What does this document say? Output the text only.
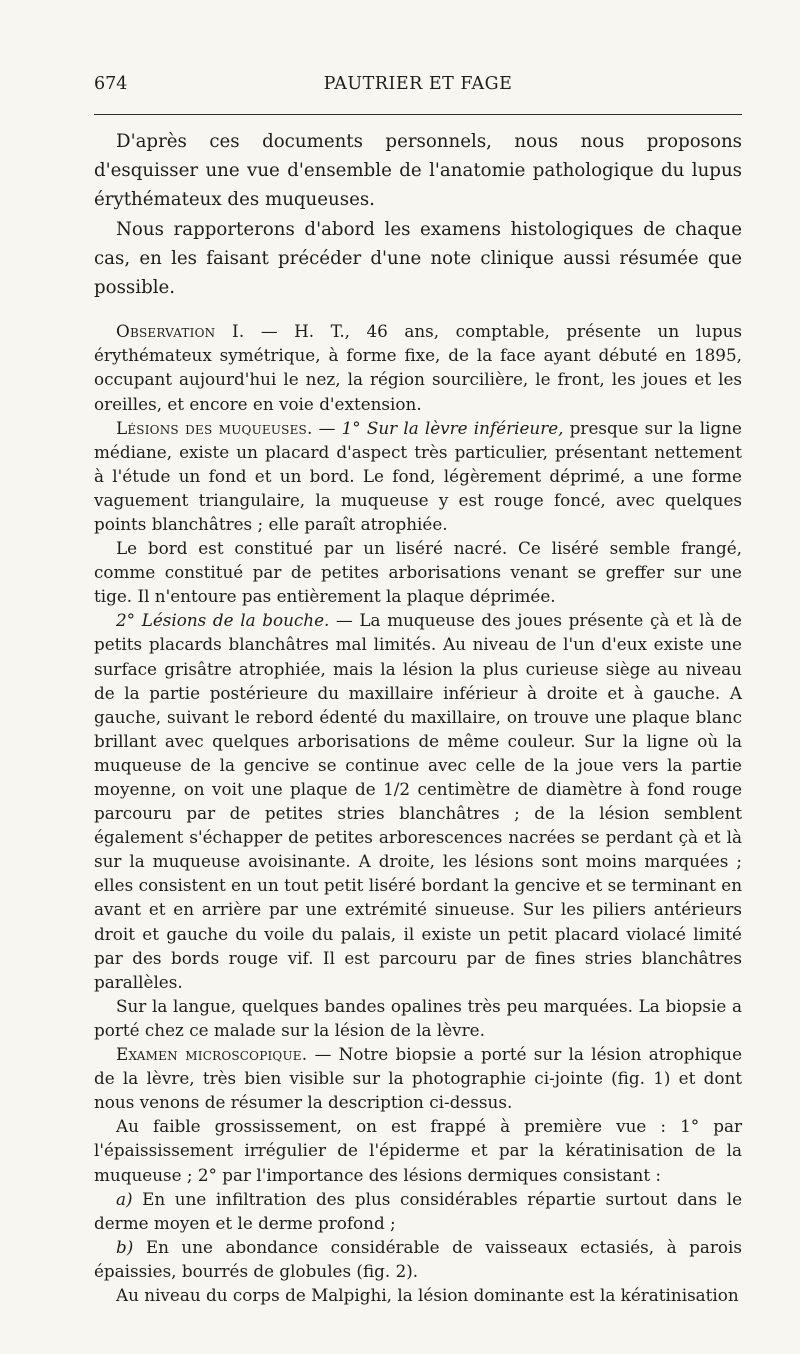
674	PAUTRIER ET FAGE

D'après ces documents personnels, nous nous proposons d'esquisser une vue d'ensemble de l'anatomie pathologique du lupus érythémateux des muqueuses.

Nous rapporterons d'abord les examens histologiques de chaque cas, en les faisant précéder d'une note clinique aussi résumée que possible.

Observation I. — H. T., 46 ans, comptable, présente un lupus érythémateux symétrique, à forme fixe, de la face ayant débuté en 1895, occupant aujourd'hui le nez, la région sourcilière, le front, les joues et les oreilles, et encore en voie d'extension.

Lésions des muqueuses. — 1° Sur la lèvre inférieure, presque sur la ligne médiane, existe un placard d'aspect très particulier, présentant nettement à l'étude un fond et un bord. Le fond, légèrement déprimé, a une forme vaguement triangulaire, la muqueuse y est rouge foncé, avec quelques points blanchâtres ; elle paraît atrophiée.

Le bord est constitué par un liséré nacré. Ce liséré semble frangé, comme constitué par de petites arborisations venant se greffer sur une tige. Il n'entoure pas entièrement la plaque déprimée.

2° Lésions de la bouche. — La muqueuse des joues présente çà et là de petits placards blanchâtres mal limités. Au niveau de l'un d'eux existe une surface grisâtre atrophiée, mais la lésion la plus curieuse siège au niveau de la partie postérieure du maxillaire inférieur à droite et à gauche. A gauche, suivant le rebord édenté du maxillaire, on trouve une plaque blanc brillant avec quelques arborisations de même couleur. Sur la ligne où la muqueuse de la gencive se continue avec celle de la joue vers la partie moyenne, on voit une plaque de 1/2 centimètre de diamètre à fond rouge parcouru par de petites stries blanchâtres ; de la lésion semblent également s'échapper de petites arborescences nacrées se perdant çà et là sur la muqueuse avoisinante. A droite, les lésions sont moins marquées ; elles consistent en un tout petit liséré bordant la gencive et se terminant en avant et en arrière par une extrémité sinueuse. Sur les piliers antérieurs droit et gauche du voile du palais, il existe un petit placard violacé limité par des bords rouge vif. Il est parcouru par de fines stries blanchâtres parallèles.

Sur la langue, quelques bandes opalines très peu marquées. La biopsie a porté chez ce malade sur la lésion de la lèvre.

Examen microscopique. — Notre biopsie a porté sur la lésion atrophique de la lèvre, très bien visible sur la photographie ci-jointe (fig. 1) et dont nous venons de résumer la description ci-dessus.

Au faible grossissement, on est frappé à première vue : 1° par l'épaississement irrégulier de l'épiderme et par la kératinisation de la muqueuse ; 2° par l'importance des lésions dermiques consistant :

a) En une infiltration des plus considérables répartie surtout dans le derme moyen et le derme profond ;

b) En une abondance considérable de vaisseaux ectasiés, à parois épaissies, bourrés de globules (fig. 2).

Au niveau du corps de Malpighi, la lésion dominante est la kératinisation
